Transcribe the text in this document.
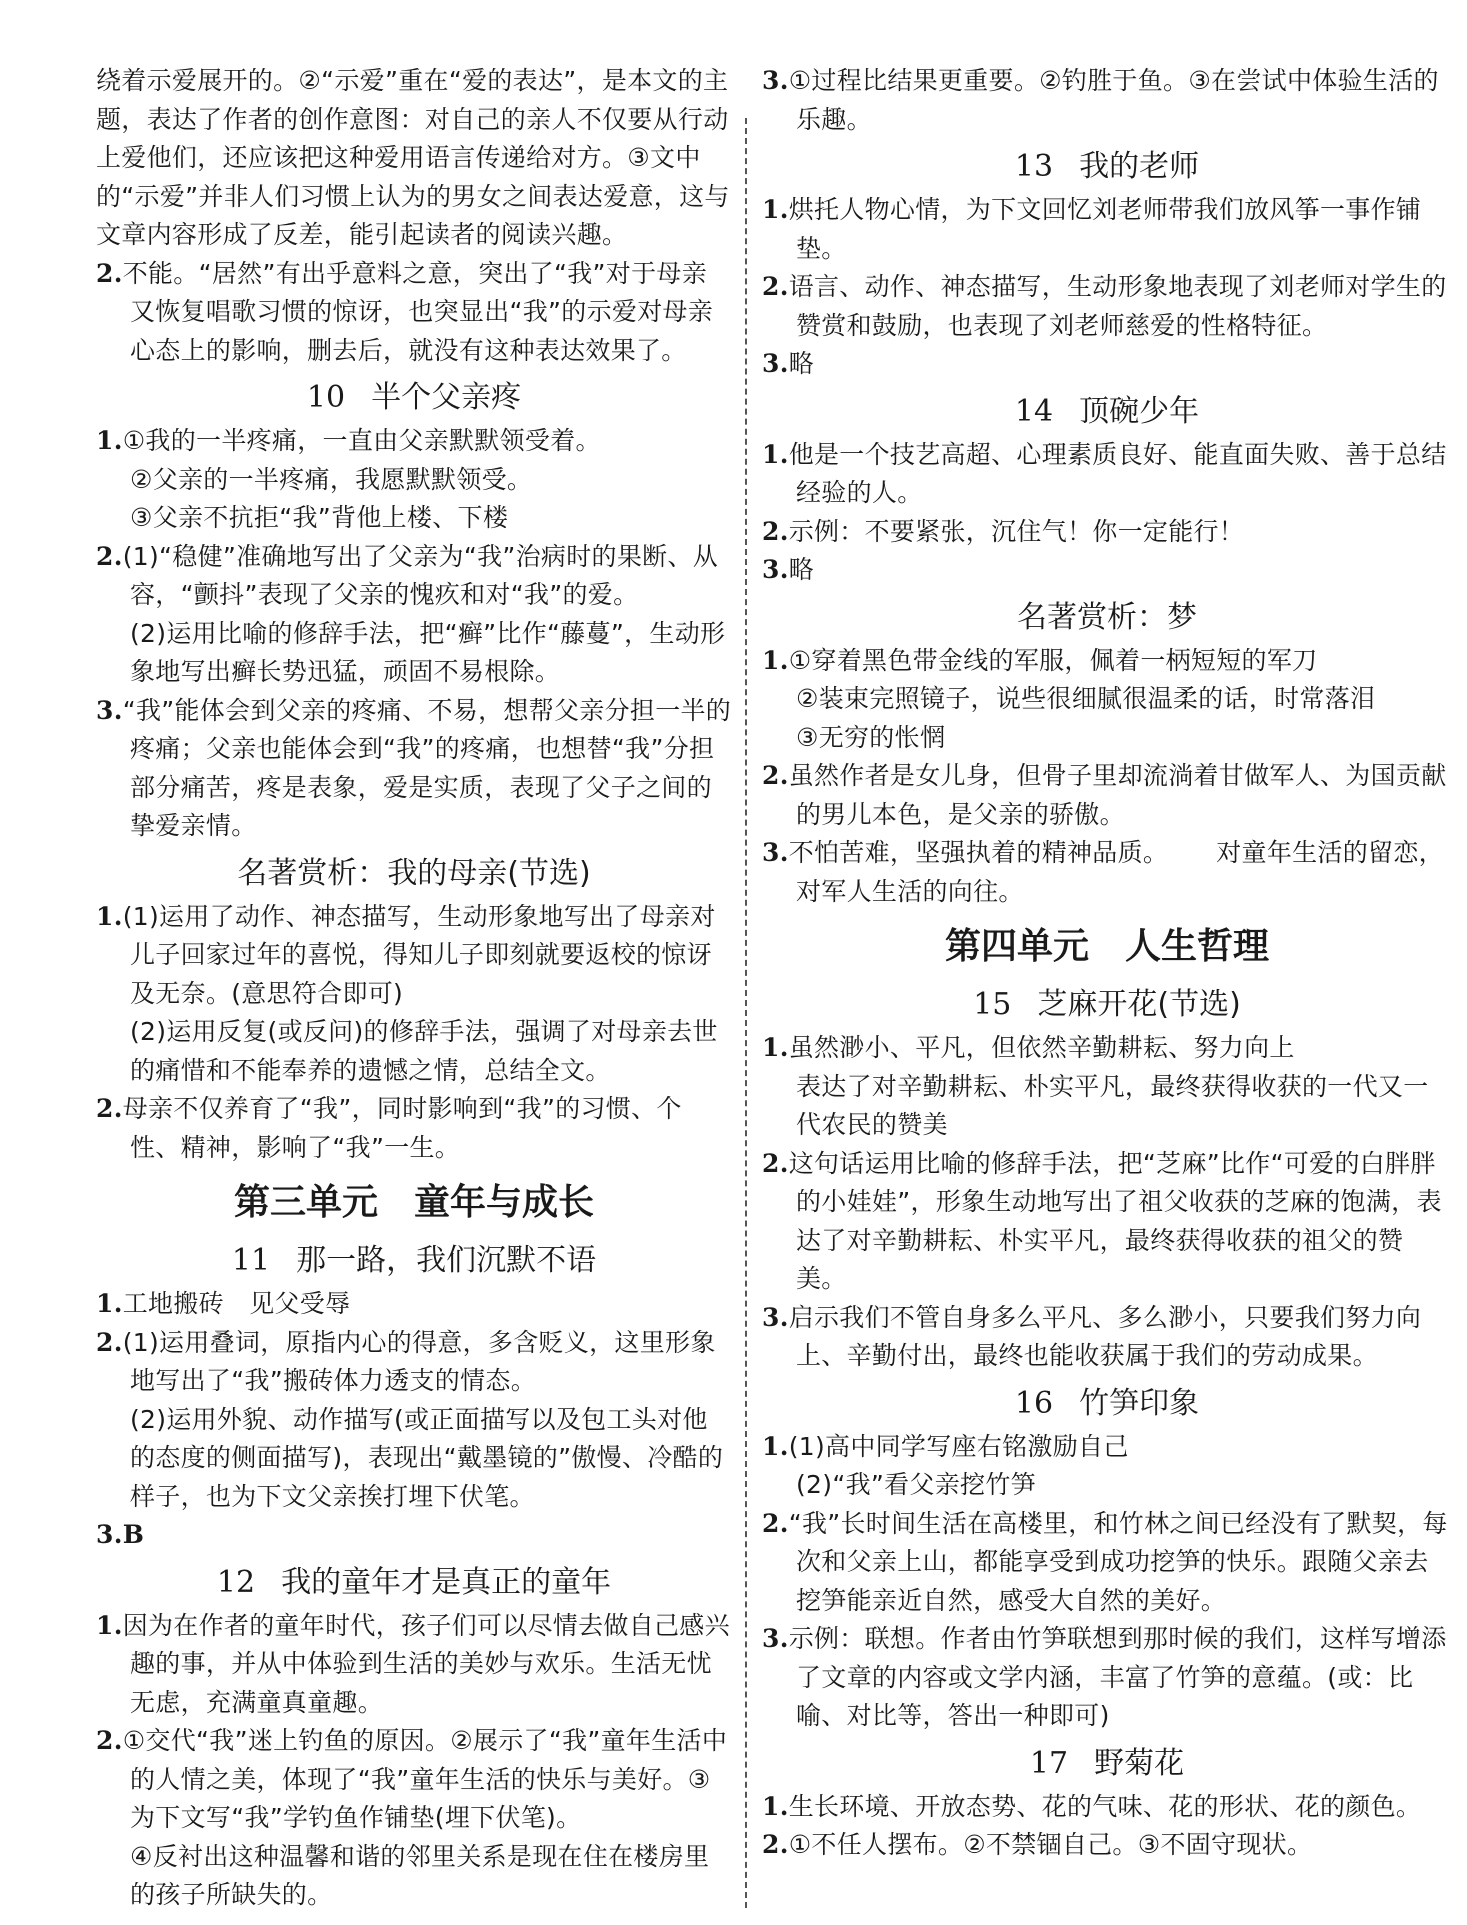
绕着示爱展开的。②“示爱”重在“爱的表达”，是本文的主题，表达了作者的创作意图：对自己的亲人不仅要从行动上爱他们，还应该把这种爱用语言传递给对方。③文中的“示爱”并非人们习惯上认为的男女之间表达爱意，这与文章内容形成了反差，能引起读者的阅读兴趣。

2.不能。“居然”有出乎意料之意，突出了“我”对于母亲又恢复唱歌习惯的惊讶，也突显出“我”的示爱对母亲心态上的影响，删去后，就没有这种表达效果了。

10 半个父亲疼

1.①我的一半疼痛，一直由父亲默默领受着。

②父亲的一半疼痛，我愿默默领受。

③父亲不抗拒“我”背他上楼、下楼

2.(1)“稳健”准确地写出了父亲为“我”治病时的果断、从容，“颤抖”表现了父亲的愧疚和对“我”的爱。

(2)运用比喻的修辞手法，把“癣”比作“藤蔓”，生动形象地写出癣长势迅猛，顽固不易根除。

3.“我”能体会到父亲的疼痛、不易，想帮父亲分担一半的疼痛；父亲也能体会到“我”的疼痛，也想替“我”分担部分痛苦，疼是表象，爱是实质，表现了父子之间的挚爱亲情。

名著赏析：我的母亲(节选)

1.(1)运用了动作、神态描写，生动形象地写出了母亲对儿子回家过年的喜悦，得知儿子即刻就要返校的惊讶及无奈。(意思符合即可)

(2)运用反复(或反问)的修辞手法，强调了对母亲去世的痛惜和不能奉养的遗憾之情，总结全文。

2.母亲不仅养育了“我”，同时影响到“我”的习惯、个性、精神，影响了“我”一生。

第三单元 童年与成长
11 那一路，我们沉默不语

1.工地搬砖　见父受辱

2.(1)运用叠词，原指内心的得意，多含贬义，这里形象地写出了“我”搬砖体力透支的情态。

(2)运用外貌、动作描写(或正面描写以及包工头对他的态度的侧面描写)，表现出“戴墨镜的”傲慢、冷酷的样子，也为下文父亲挨打埋下伏笔。

3.B

12 我的童年才是真正的童年

1.因为在作者的童年时代，孩子们可以尽情去做自己感兴趣的事，并从中体验到生活的美妙与欢乐。生活无忧无虑，充满童真童趣。

2.①交代“我”迷上钓鱼的原因。②展示了“我”童年生活中的人情之美，体现了“我”童年生活的快乐与美好。③为下文写“我”学钓鱼作铺垫(埋下伏笔)。

④反衬出这种温馨和谐的邻里关系是现在住在楼房里的孩子所缺失的。

3.①过程比结果更重要。②钓胜于鱼。③在尝试中体验生活的乐趣。

13 我的老师

1.烘托人物心情，为下文回忆刘老师带我们放风筝一事作铺垫。

2.语言、动作、神态描写，生动形象地表现了刘老师对学生的赞赏和鼓励，也表现了刘老师慈爱的性格特征。

3.略

14 顶碗少年

1.他是一个技艺高超、心理素质良好、能直面失败、善于总结经验的人。

2.示例：不要紧张，沉住气！你一定能行！

3.略

名著赏析：梦

1.①穿着黑色带金线的军服，佩着一柄短短的军刀

②装束完照镜子，说些很细腻很温柔的话，时常落泪

③无穷的怅惘

2.虽然作者是女儿身，但骨子里却流淌着甘做军人、为国贡献的男儿本色，是父亲的骄傲。

3.不怕苦难，坚强执着的精神品质。 对童年生活的留恋，对军人生活的向往。

第四单元 人生哲理
15 芝麻开花(节选)

1.虽然渺小、平凡，但依然辛勤耕耘、努力向上

表达了对辛勤耕耘、朴实平凡，最终获得收获的一代又一代农民的赞美

2.这句话运用比喻的修辞手法，把“芝麻”比作“可爱的白胖胖的小娃娃”，形象生动地写出了祖父收获的芝麻的饱满，表达了对辛勤耕耘、朴实平凡，最终获得收获的祖父的赞美。

3.启示我们不管自身多么平凡、多么渺小，只要我们努力向上、辛勤付出，最终也能收获属于我们的劳动成果。

16 竹笋印象

1.(1)高中同学写座右铭激励自己

(2)“我”看父亲挖竹笋

2.“我”长时间生活在高楼里，和竹林之间已经没有了默契，每次和父亲上山，都能享受到成功挖笋的快乐。跟随父亲去挖笋能亲近自然，感受大自然的美好。

3.示例：联想。作者由竹笋联想到那时候的我们，这样写增添了文章的内容或文学内涵，丰富了竹笋的意蕴。(或：比喻、对比等，答出一种即可)

17 野菊花

1.生长环境、开放态势、花的气味、花的形状、花的颜色。

2.①不任人摆布。②不禁锢自己。③不固守现状。
